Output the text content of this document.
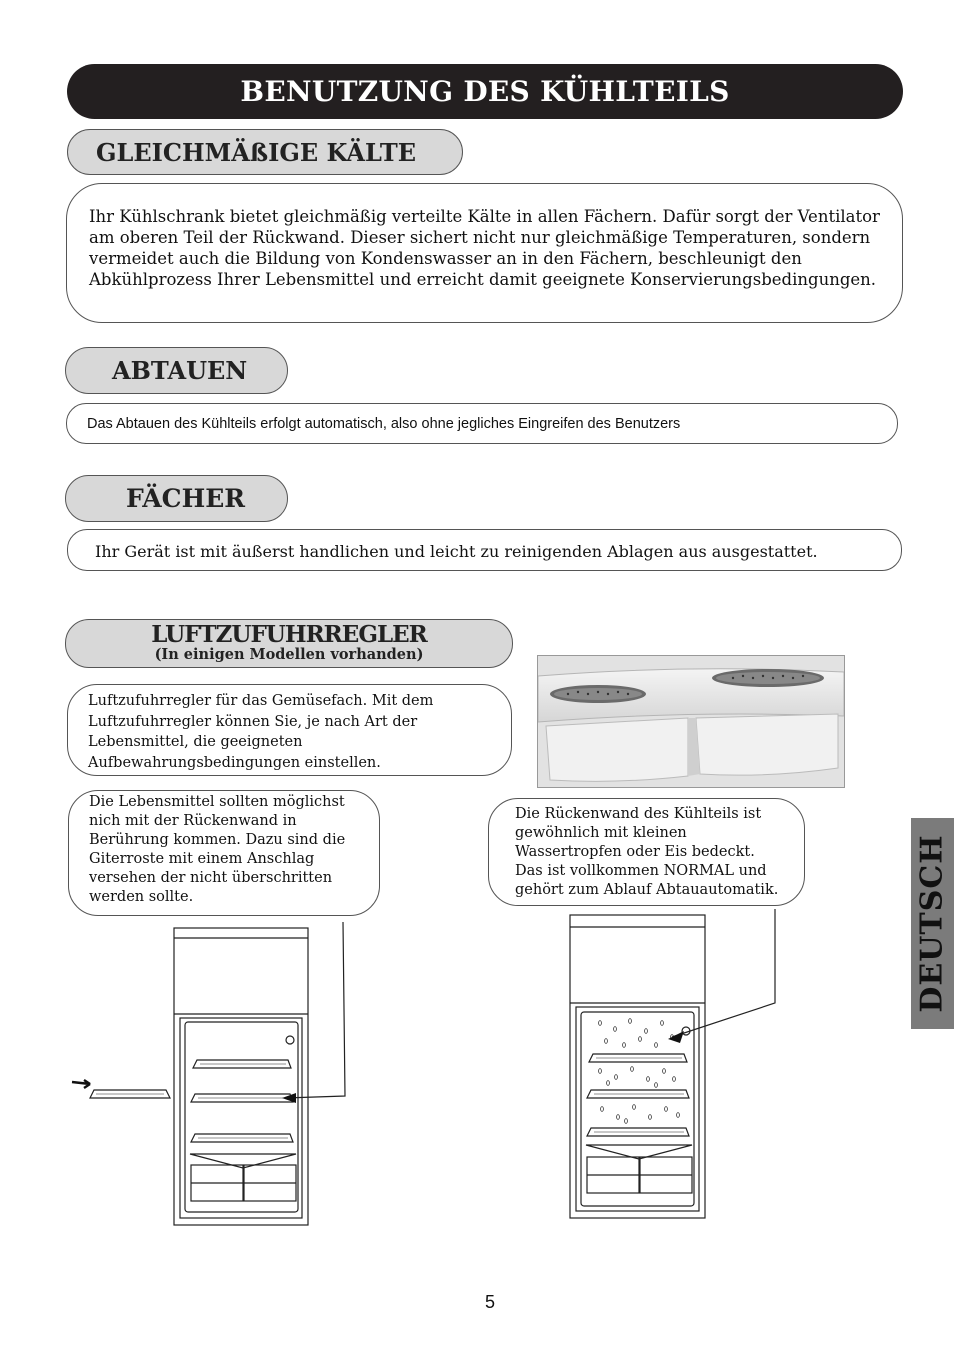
BENUTZUNG DES KÜHLTEILS
GLEICHMÄßIGE KÄLTE
Ihr Kühlschrank bietet gleichmäßig verteilte Kälte in allen Fächern. Dafür sorgt der Ventilator
am oberen Teil der Rückwand. Dieser sichert nicht nur gleichmäßige Temperaturen, sondern
vermeidet auch die Bildung von Kondenswasser an in den Fächern, beschleunigt den
Abkühlprozess Ihrer Lebensmittel und erreicht damit geeignete Konservierungsbedingungen.
ABTAUEN
Das Abtauen des Kühlteils erfolgt automatisch, also ohne jegliches Eingreifen des Benutzers
FÄCHER
Ihr Gerät ist mit äußerst handlichen und leicht zu reinigenden Ablagen aus ausgestattet.
LUFTZUFUHRREGLER
(In einigen Modellen vorhanden)
Luftzufuhrregler für das Gemüsefach. Mit dem
Luftzufuhrregler können Sie, je nach Art der
Lebensmittel, die geeigneten
Aufbewahrungsbedingungen einstellen.
Die Lebensmittel sollten möglichst
nich mit der Rückenwand in
Berührung kommen. Dazu sind die
Giterroste mit einem Anschlag
versehen der nicht überschritten
werden sollte.
Die Rückenwand des Kühlteils ist
gewöhnlich mit kleinen
Wassertropfen oder Eis bedeckt.
Das ist vollkommen NORMAL und
gehört zum Ablauf Abtauautomatik.	DEUTSCH
5
